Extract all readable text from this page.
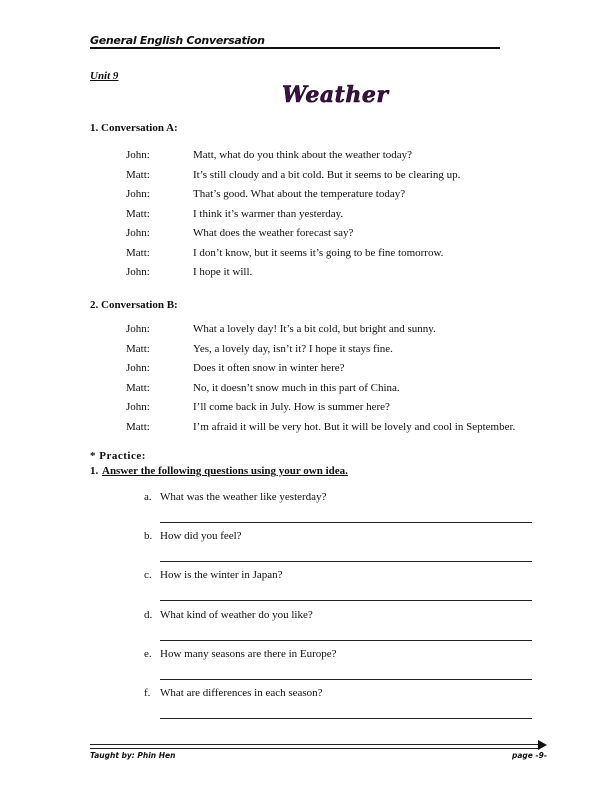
General English Conversation
Unit 9
Weather
1. Conversation A:
2. Conversation B:
* Practice:
1. Answer the following questions using your own idea.
Taught by: Phin Hen	page -9-
John:	Matt, what do you think about the weather today?
Matt:	It’s still cloudy and a bit cold. But it seems to be clearing up.
John:	That’s good. What about the temperature today?
Matt:	I think it’s warmer than yesterday.
John:	What does the weather forecast say?
Matt:	I don’t know, but it seems it’s going to be fine tomorrow.
John:	I hope it will.
John:	What a lovely day! It’s a bit cold, but bright and sunny.
Matt:	Yes, a lovely day, isn’t it? I hope it stays fine.
John:	Does it often snow in winter here?
Matt:	No, it doesn’t snow much in this part of China.
John:	I’ll come back in July. How is summer here?
Matt:	I’m afraid it will be very hot. But it will be lovely and cool in September.
a. What was the weather like yesterday?
b. How did you feel?
c. How is the winter in Japan?
d. What kind of weather do you like?
e. How many seasons are there in Europe?
f. What are differences in each season?
